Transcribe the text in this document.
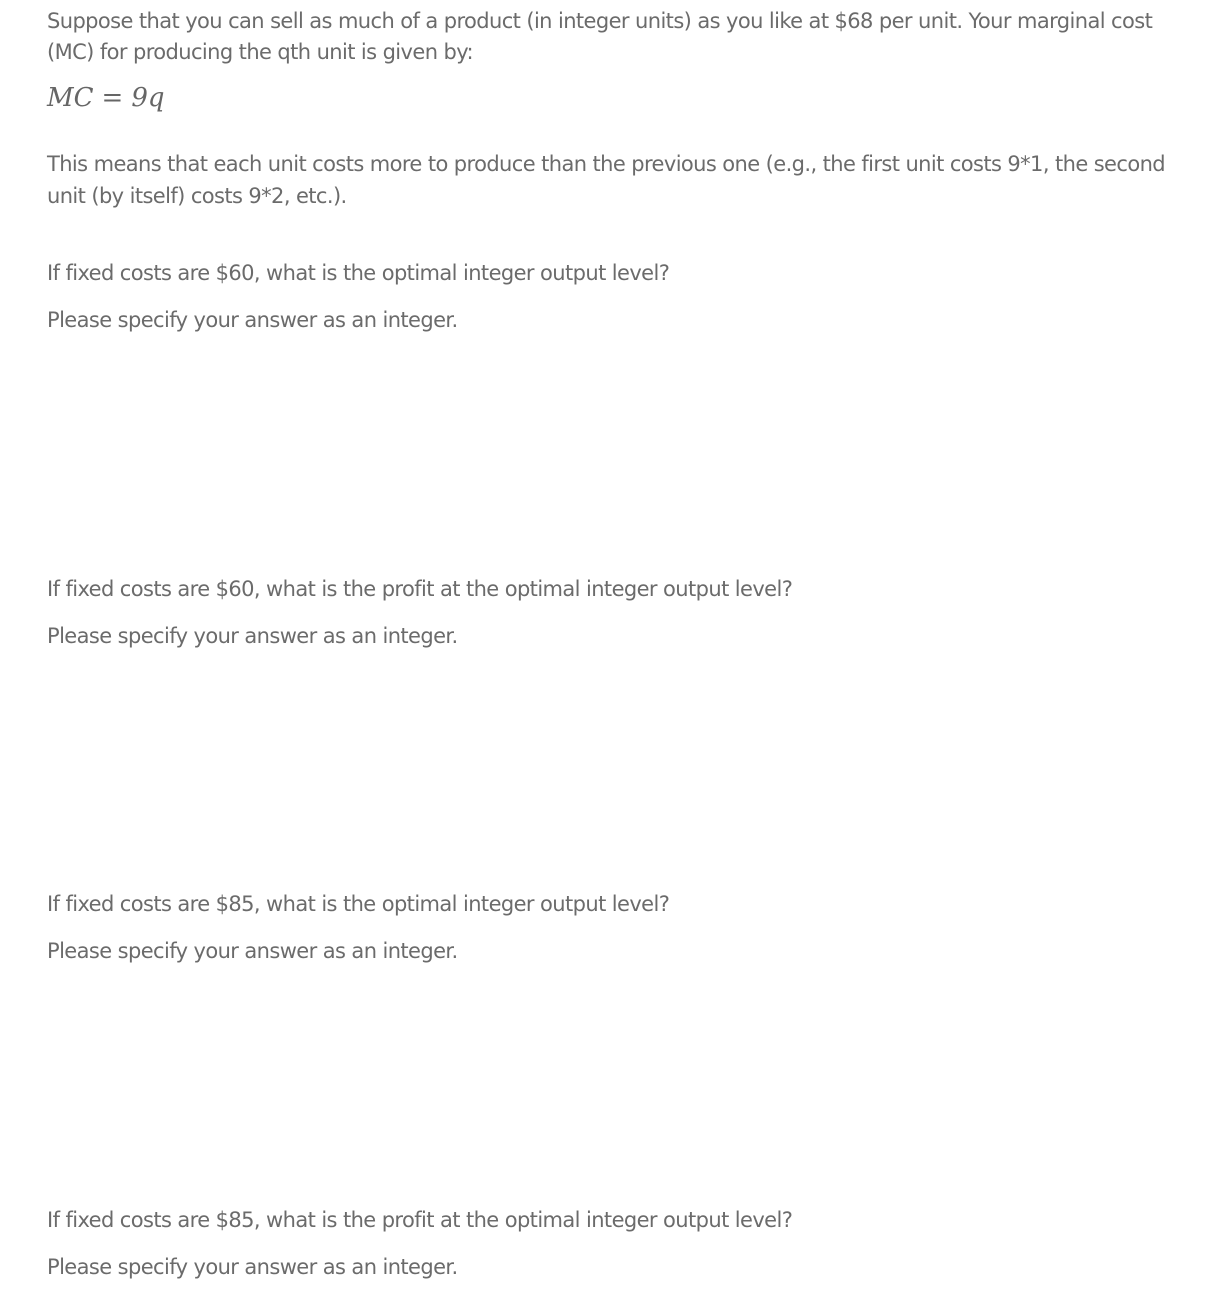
Suppose that you can sell as much of a product (in integer units) as you like at $68 per unit. Your marginal cost (MC) for producing the qth unit is given by:

MC = 9q

This means that each unit costs more to produce than the previous one (e.g., the first unit costs 9*1, the second unit (by itself) costs 9*2, etc.).

If fixed costs are $60, what is the optimal integer output level?

Please specify your answer as an integer.

If fixed costs are $60, what is the profit at the optimal integer output level?

Please specify your answer as an integer.

If fixed costs are $85, what is the optimal integer output level?

Please specify your answer as an integer.

If fixed costs are $85, what is the profit at the optimal integer output level?

Please specify your answer as an integer.
